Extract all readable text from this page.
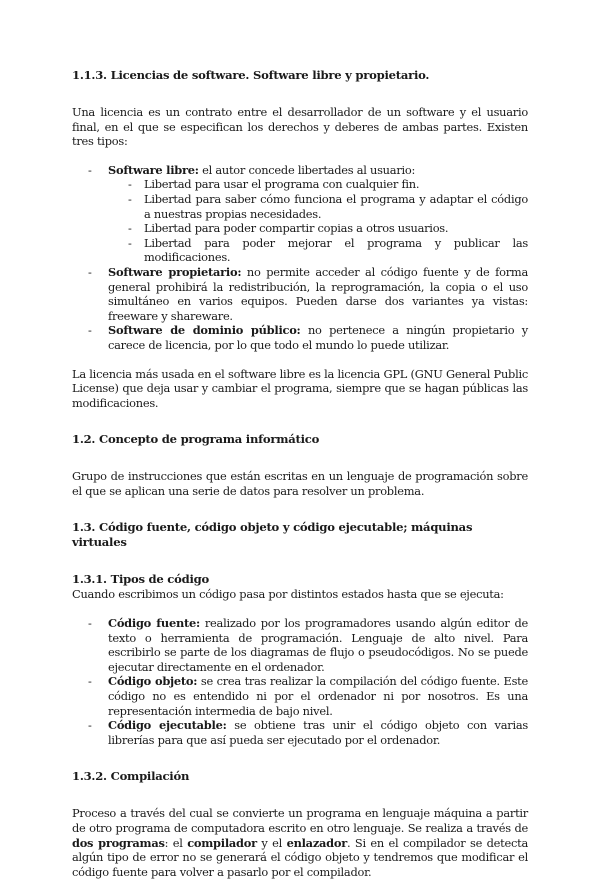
1.1.3. Licencias de software. Software libre y propietario.

Una licencia es un contrato entre el desarrollador de un software y el usuario final, en el que se especifican los derechos y deberes de ambas partes. Existen tres tipos:

- Software libre: el autor concede libertades al usuario:
- Libertad para usar el programa con cualquier fin.
- Libertad para saber cómo funciona el programa y adaptar el código a nuestras propias necesidades.
- Libertad para poder compartir copias a otros usuarios.
- Libertad para poder mejorar el programa y publicar las modificaciones.
- Software propietario: no permite acceder al código fuente y de forma general prohibirá la redistribución, la reprogramación, la copia o el uso simultáneo en varios equipos. Pueden darse dos variantes ya vistas: freeware y shareware.
- Software de dominio público: no pertenece a ningún propietario y carece de licencia, por lo que todo el mundo lo puede utilizar.

La licencia más usada en el software libre es la licencia GPL (GNU General Public License) que deja usar y cambiar el programa, siempre que se hagan públicas las modificaciones.

1.2. Concepto de programa informático

Grupo de instrucciones que están escritas en un lenguaje de programación sobre el que se aplican una serie de datos para resolver un problema.

1.3. Código fuente, código objeto y código ejecutable; máquinas virtuales
1.3.1. Tipos de código

Cuando escribimos un código pasa por distintos estados hasta que se ejecuta:

- Código fuente: realizado por los programadores usando algún editor de texto o herramienta de programación. Lenguaje de alto nivel. Para escribirlo se parte de los diagramas de flujo o pseudocódigos. No se puede ejecutar directamente en el ordenador.
- Código objeto: se crea tras realizar la compilación del código fuente. Este código no es entendido ni por el ordenador ni por nosotros. Es una representación intermedia de bajo nivel.
- Código ejecutable: se obtiene tras unir el código objeto con varias librerías para que así pueda ser ejecutado por el ordenador.
1.3.2. Compilación

Proceso a través del cual se convierte un programa en lenguaje máquina a partir de otro programa de computadora escrito en otro lenguaje. Se realiza a través de dos programas: el compilador y el enlazador. Si en el compilador se detecta algún tipo de error no se generará el código objeto y tendremos que modificar el código fuente para volver a pasarlo por el compilador.
